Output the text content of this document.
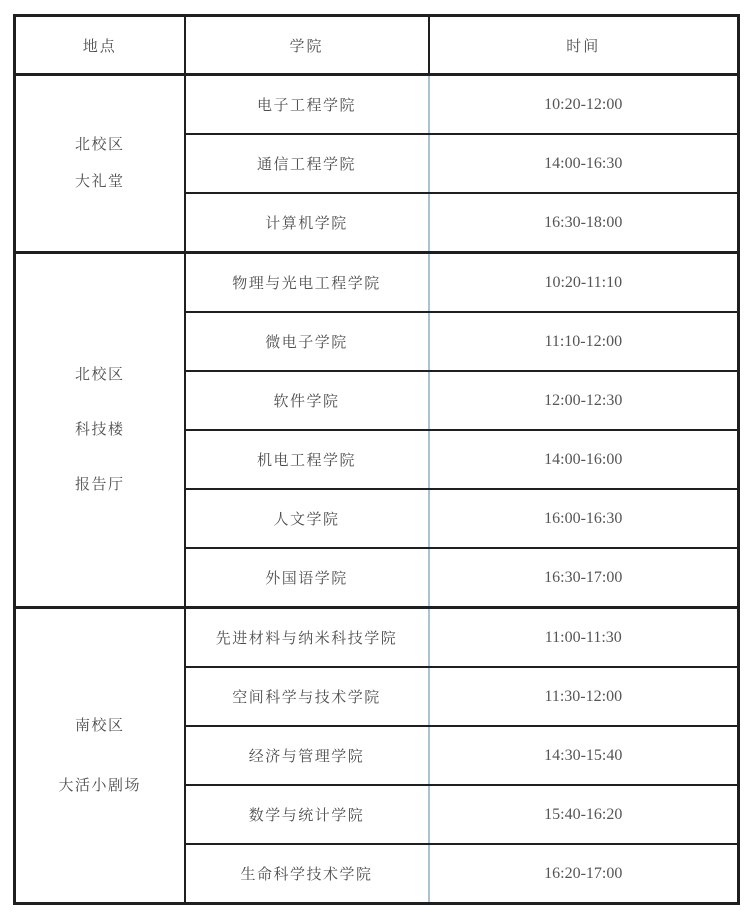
地点	学院	时间

北校区
大礼堂	电子工程学院	10:20-12:00
	通信工程学院	14:00-16:30
	计算机学院	16:30-18:00

北校区
科技楼
报告厅	物理与光电工程学院	10:20-11:10
	微电子学院	11:10-12:00
	软件学院	12:00-12:30
	机电工程学院	14:00-16:00
	人文学院	16:00-16:30
	外国语学院	16:30-17:00

南校区
大活小剧场	先进材料与纳米科技学院	11:00-11:30
	空间科学与技术学院	11:30-12:00
	经济与管理学院	14:30-15:40
	数学与统计学院	15:40-16:20
	生命科学技术学院	16:20-17:00
